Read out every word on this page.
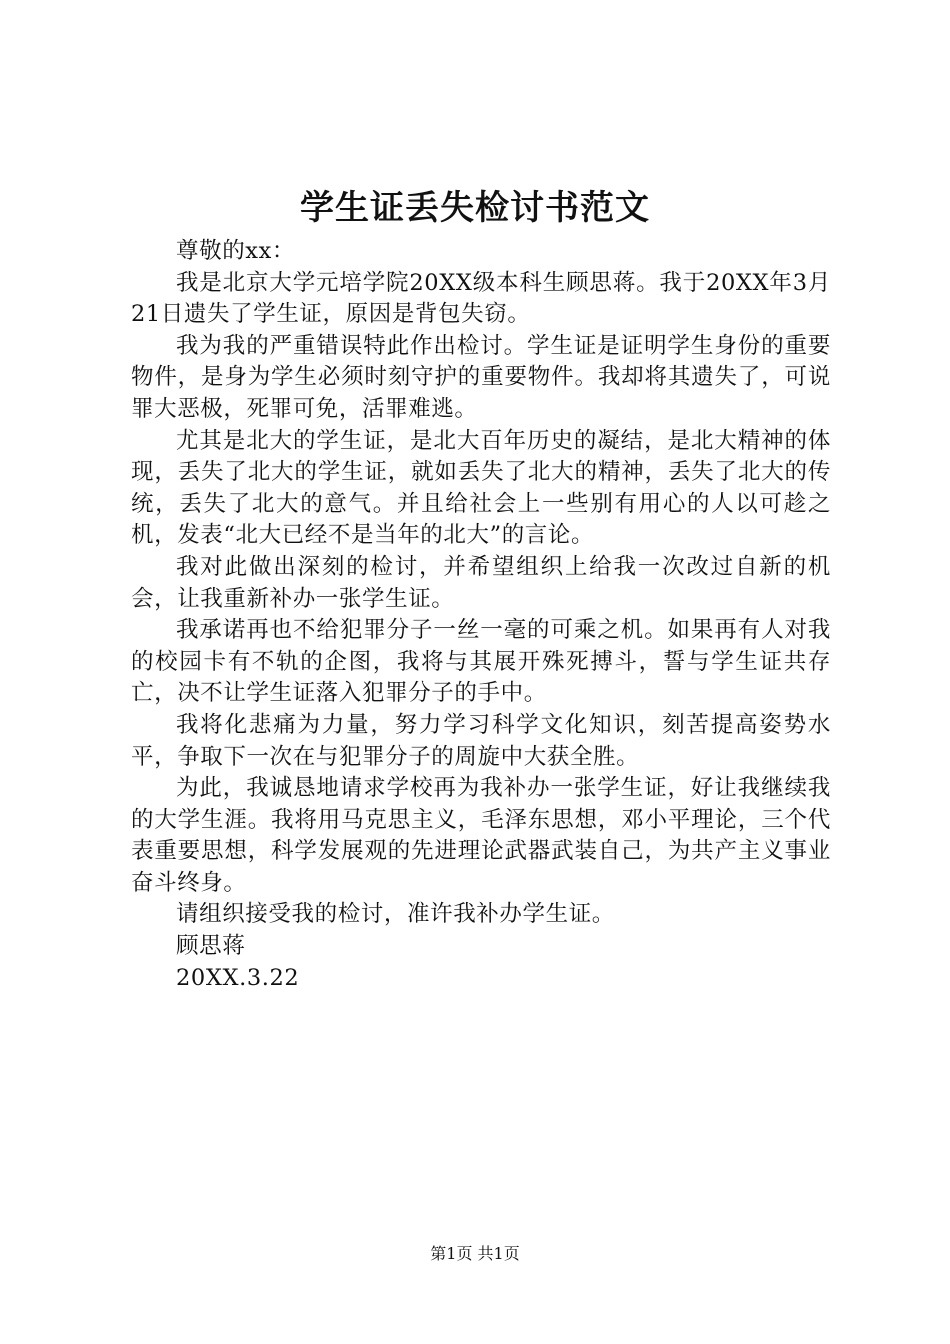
学生证丢失检讨书范文

尊敬的xx：

我是北京大学元培学院20XX级本科生顾思蒋。我于20XX年3月21日遗失了学生证，原因是背包失窃。

我为我的严重错误特此作出检讨。学生证是证明学生身份的重要物件，是身为学生必须时刻守护的重要物件。我却将其遗失了，可说罪大恶极，死罪可免，活罪难逃。

尤其是北大的学生证，是北大百年历史的凝结，是北大精神的体现，丢失了北大的学生证，就如丢失了北大的精神，丢失了北大的传统，丢失了北大的意气。并且给社会上一些别有用心的人以可趁之机，发表“北大已经不是当年的北大”的言论。

我对此做出深刻的检讨，并希望组织上给我一次改过自新的机会，让我重新补办一张学生证。

我承诺再也不给犯罪分子一丝一毫的可乘之机。如果再有人对我的校园卡有不轨的企图，我将与其展开殊死搏斗，誓与学生证共存亡，决不让学生证落入犯罪分子的手中。

我将化悲痛为力量，努力学习科学文化知识，刻苦提高姿势水平，争取下一次在与犯罪分子的周旋中大获全胜。

为此，我诚恳地请求学校再为我补办一张学生证，好让我继续我的大学生涯。我将用马克思主义，毛泽东思想，邓小平理论，三个代表重要思想，科学发展观的先进理论武器武装自己，为共产主义事业奋斗终身。

请组织接受我的检讨，准许我补办学生证。

顾思蒋

20XX.3.22

第1页 共1页
